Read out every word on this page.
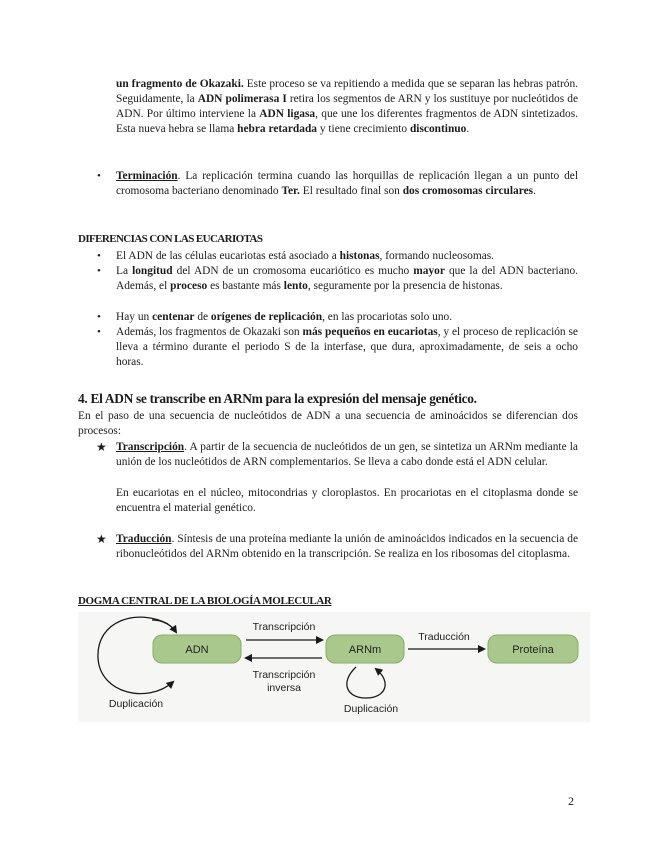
un fragmento de Okazaki. Este proceso se va repitiendo a medida que se separan las hebras patrón. Seguidamente, la ADN polimerasa I retira los segmentos de ARN y los sustituye por nucleótidos de ADN. Por último interviene la ADN ligasa, que une los diferentes fragmentos de ADN sintetizados. Esta nueva hebra se llama hebra retardada y tiene crecimiento discontinuo.
• Terminación. La replicación termina cuando las horquillas de replicación llegan a un punto del cromosoma bacteriano denominado Ter. El resultado final son dos cromosomas circulares.
DIFERENCIAS CON LAS EUCARIOTAS
• El ADN de las células eucariotas está asociado a histonas, formando nucleosomas.
• La longitud del ADN de un cromosoma eucariótico es mucho mayor que la del ADN bacteriano. Además, el proceso es bastante más lento, seguramente por la presencia de histonas.
• Hay un centenar de orígenes de replicación, en las procariotas solo uno.
• Además, los fragmentos de Okazaki son más pequeños en eucariotas, y el proceso de replicación se lleva a término durante el periodo S de la interfase, que dura, aproximadamente, de seis a ocho horas.
4. El ADN se transcribe en ARNm para la expresión del mensaje genético.
En el paso de una secuencia de nucleótidos de ADN a una secuencia de aminoácidos se diferencian dos procesos:
★ Transcripción. A partir de la secuencia de nucleótidos de un gen, se sintetiza un ARNm mediante la unión de los nucleótidos de ARN complementarios. Se lleva a cabo donde está el ADN celular.
En eucariotas en el núcleo, mitocondrias y cloroplastos. En procariotas en el citoplasma donde se encuentra el material genético.
★ Traducción. Síntesis de una proteína mediante la unión de aminoácidos indicados en la secuencia de ribonucleótidos del ARNm obtenido en la transcripción. Se realiza en los ribosomas del citoplasma.
DOGMA CENTRAL DE LA BIOLOGÍA MOLECULAR
ADN	ARNm	Proteína
Transcripción
Transcripción
inversa
Traducción
Duplicación	Duplicación
2
